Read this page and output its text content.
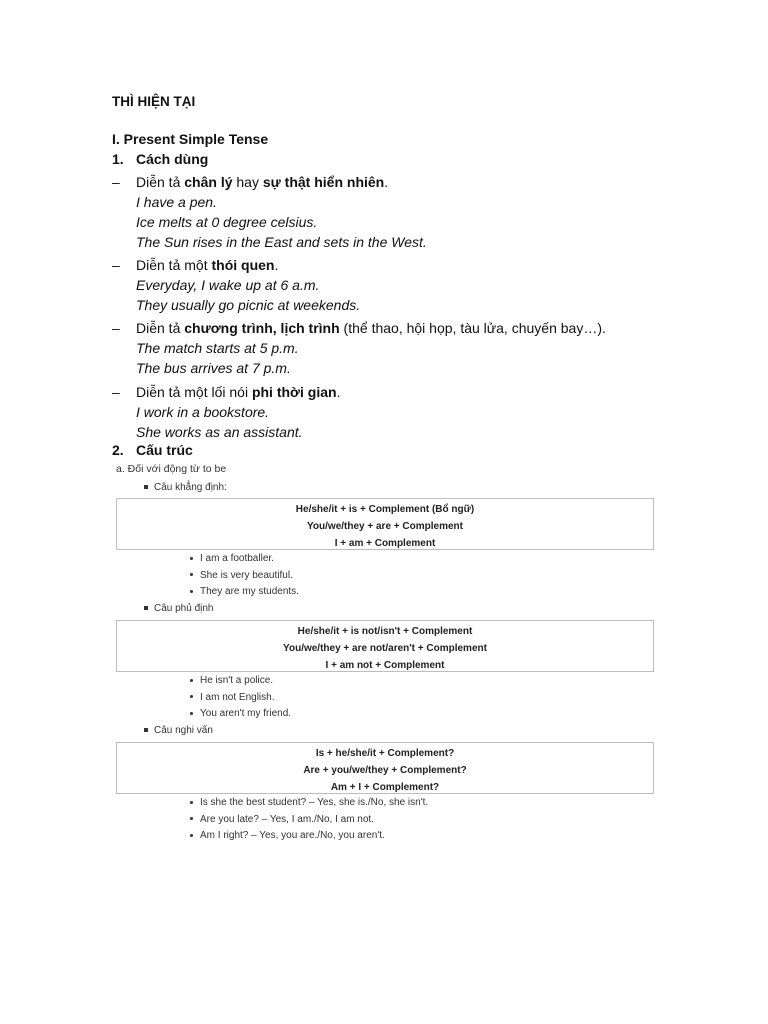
THÌ HIỆN TẠI
I. Present Simple Tense
1. Cách dùng
– Diễn tả chân lý hay sự thật hiển nhiên.
I have a pen.
Ice melts at 0 degree celsius.
The Sun rises in the East and sets in the West.
– Diễn tả một thói quen.
Everyday, I wake up at 6 a.m.
They usually go picnic at weekends.
– Diễn tả chương trình, lịch trình (thể thao, hội họp, tàu lửa, chuyến bay…).
The match starts at 5 p.m.
The bus arrives at 7 p.m.
– Diễn tả một lối nói phi thời gian.
I work in a bookstore.
She works as an assistant.
2. Cấu trúc
a. Đối với động từ to be
Câu khẳng định:
He/she/it + is + Complement (Bổ ngữ)
You/we/they + are + Complement
I + am + Complement
I am a footballer.
She is very beautiful.
They are my students.
Câu phủ định
He/she/it + is not/isn't + Complement
You/we/they + are not/aren't + Complement
I + am not + Complement
He isn't a police.
I am not English.
You aren't my friend.
Câu nghi vấn
Is + he/she/it + Complement?
Are + you/we/they + Complement?
Am + I + Complement?
Is she the best student? – Yes, she is./No, she isn't.
Are you late? – Yes, I am./No, I am not.
Am I right? – Yes, you are./No, you aren't.
